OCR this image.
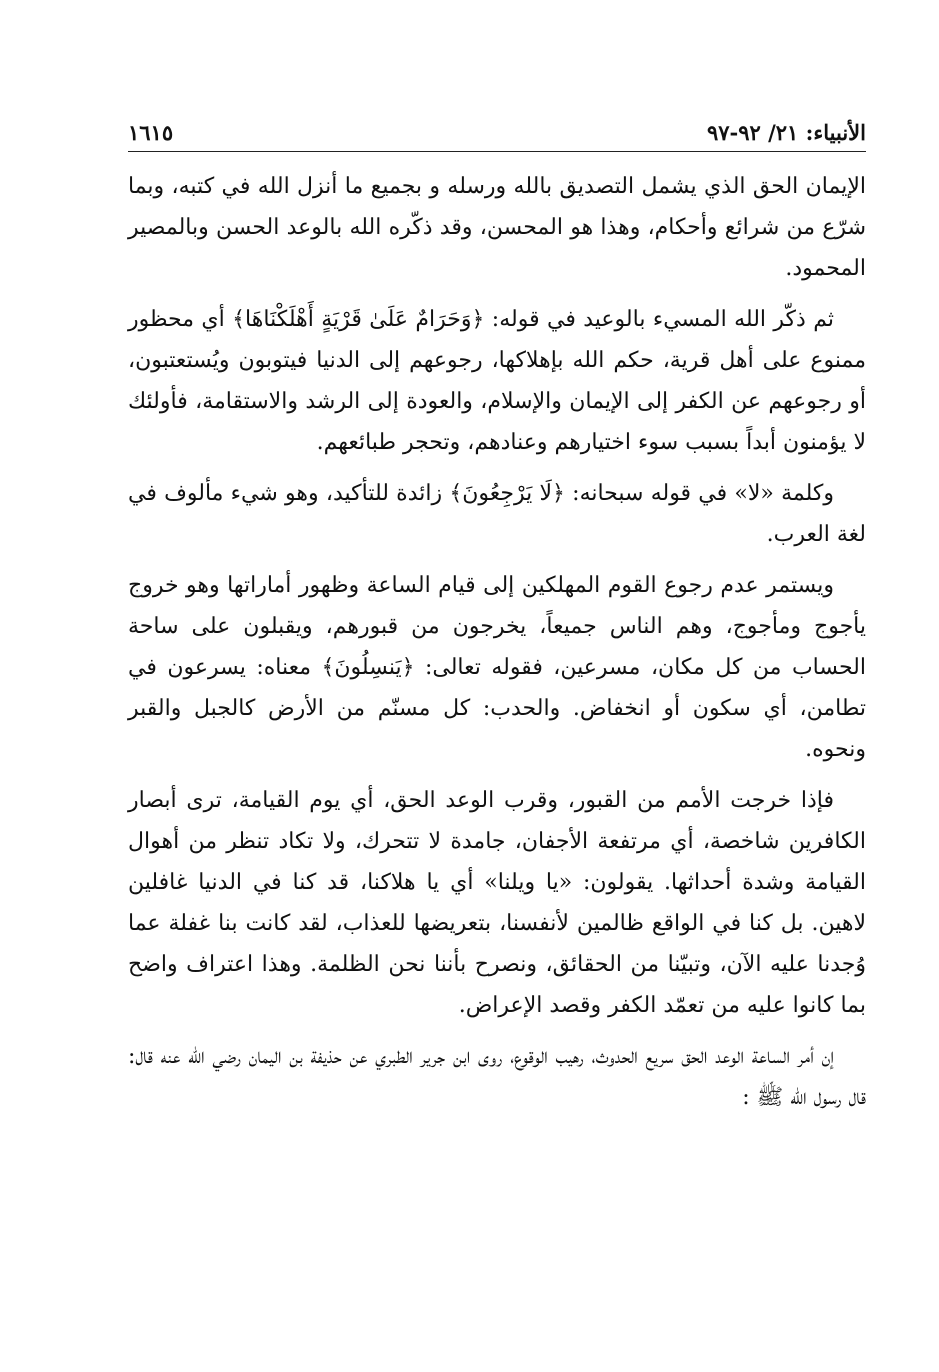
الأنبياء: ٢١/ ٩٢-٩٧
١٦١٥

الإيمان الحق الذي يشمل التصديق بالله ورسله و بجميع ما أنزل الله في كتبه، وبما شرّع من شرائع وأحكام، وهذا هو المحسن، وقد ذكّره الله بالوعد الحسن وبالمصير المحمود.

ثم ذكّر الله المسيء بالوعيد في قوله: ﴿وَحَرَامٌ عَلَىٰ قَرْيَةٍ أَهْلَكْنَاهَا﴾ أي محظور ممنوع على أهل قرية، حكم الله بإهلاكها، رجوعهم إلى الدنيا فيتوبون ويُستعتبون، أو رجوعهم عن الكفر إلى الإيمان والإسلام، والعودة إلى الرشد والاستقامة، فأولئك لا يؤمنون أبداً بسبب سوء اختيارهم وعنادهم، وتحجر طبائعهم.

وكلمة «لا» في قوله سبحانه: ﴿لَا يَرْجِعُونَ﴾ زائدة للتأكيد، وهو شيء مألوف في لغة العرب.

ويستمر عدم رجوع القوم المهلكين إلى قيام الساعة وظهور أماراتها وهو خروج يأجوج ومأجوج، وهم الناس جميعاً، يخرجون من قبورهم، ويقبلون على ساحة الحساب من كل مكان، مسرعين، فقوله تعالى: ﴿يَنسِلُونَ﴾ معناه: يسرعون في تطامن، أي سكون أو انخفاض. والحدب: كل مسنّم من الأرض كالجبل والقبر ونحوه.

فإذا خرجت الأمم من القبور، وقرب الوعد الحق، أي يوم القيامة، ترى أبصار الكافرين شاخصة، أي مرتفعة الأجفان، جامدة لا تتحرك، ولا تكاد تنظر من أهوال القيامة وشدة أحداثها. يقولون: «يا ويلنا» أي يا هلاكنا، قد كنا في الدنيا غافلين لاهين. بل كنا في الواقع ظالمين لأنفسنا، بتعريضها للعذاب، لقد كانت بنا غفلة عما وُجدنا عليه الآن، وتبيّنا من الحقائق، ونصرح بأننا نحن الظلمة. وهذا اعتراف واضح بما كانوا عليه من تعمّد الكفر وقصد الإعراض.

إن أمر الساعة الوعد الحق سريع الحدوث، رهيب الوقوع، روى ابن جرير الطبري عن حذيفة بن اليمان رضي الله عنه قال: قال رسول الله ﷺ :
